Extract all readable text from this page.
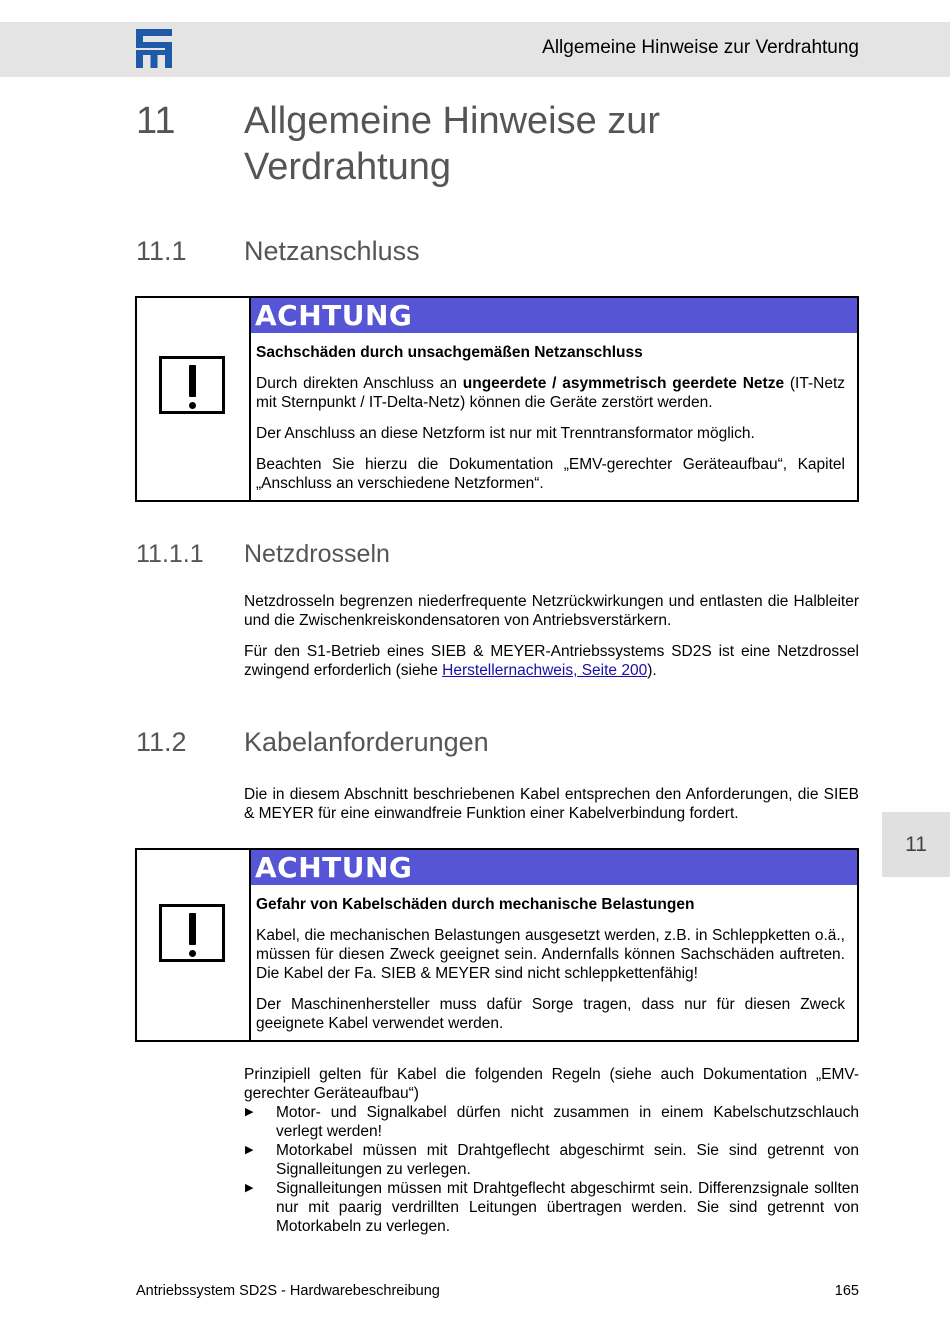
Allgemeine Hinweise zur Verdrahtung
11 Allgemeine Hinweise zur Verdrahtung
11.1 Netzanschluss
ACHTUNG

Sachschäden durch unsachgemäßen Netzanschluss

Durch direkten Anschluss an ungeerdete / asymmetrisch geerdete Netze (IT-Netz mit Sternpunkt / IT-Delta-Netz) können die Geräte zerstört werden.

Der Anschluss an diese Netzform ist nur mit Trenntransformator möglich.

Beachten Sie hierzu die Dokumentation „EMV-gerechter Geräteaufbau“, Kapitel „Anschluss an verschiedene Netzformen“.

11.1.1 Netzdrosseln

Netzdrosseln begrenzen niederfrequente Netzrückwirkungen und entlasten die Halbleiter und die Zwischenkreiskondensatoren von Antriebsverstärkern.

Für den S1-Betrieb eines SIEB & MEYER-Antriebssystems SD2S ist eine Netzdrossel zwingend erforderlich (siehe Herstellernachweis, Seite 200).

11.2 Kabelanforderungen

Die in diesem Abschnitt beschriebenen Kabel entsprechen den Anforderungen, die SIEB & MEYER für eine einwandfreie Funktion einer Kabelverbindung fordert.

ACHTUNG

Gefahr von Kabelschäden durch mechanische Belastungen

Kabel, die mechanischen Belastungen ausgesetzt werden, z.B. in Schleppketten o.ä., müssen für diesen Zweck geeignet sein. Andernfalls können Sachschäden auftreten. Die Kabel der Fa. SIEB & MEYER sind nicht schleppkettenfähig!

Der Maschinenhersteller muss dafür Sorge tragen, dass nur für diesen Zweck geeignete Kabel verwendet werden.

Prinzipiell gelten für Kabel die folgenden Regeln (siehe auch Dokumentation „EMV-gerechter Geräteaufbau“)
▶ Motor- und Signalkabel dürfen nicht zusammen in einem Kabelschutzschlauch verlegt werden!
▶ Motorkabel müssen mit Drahtgeflecht abgeschirmt sein. Sie sind getrennt von Signalleitungen zu verlegen.
▶ Signalleitungen müssen mit Drahtgeflecht abgeschirmt sein. Differenzsignale sollten nur mit paarig verdrillten Leitungen übertragen werden. Sie sind getrennt von Motorkabeln zu verlegen.
11
Antriebssystem SD2S - Hardwarebeschreibung	165
